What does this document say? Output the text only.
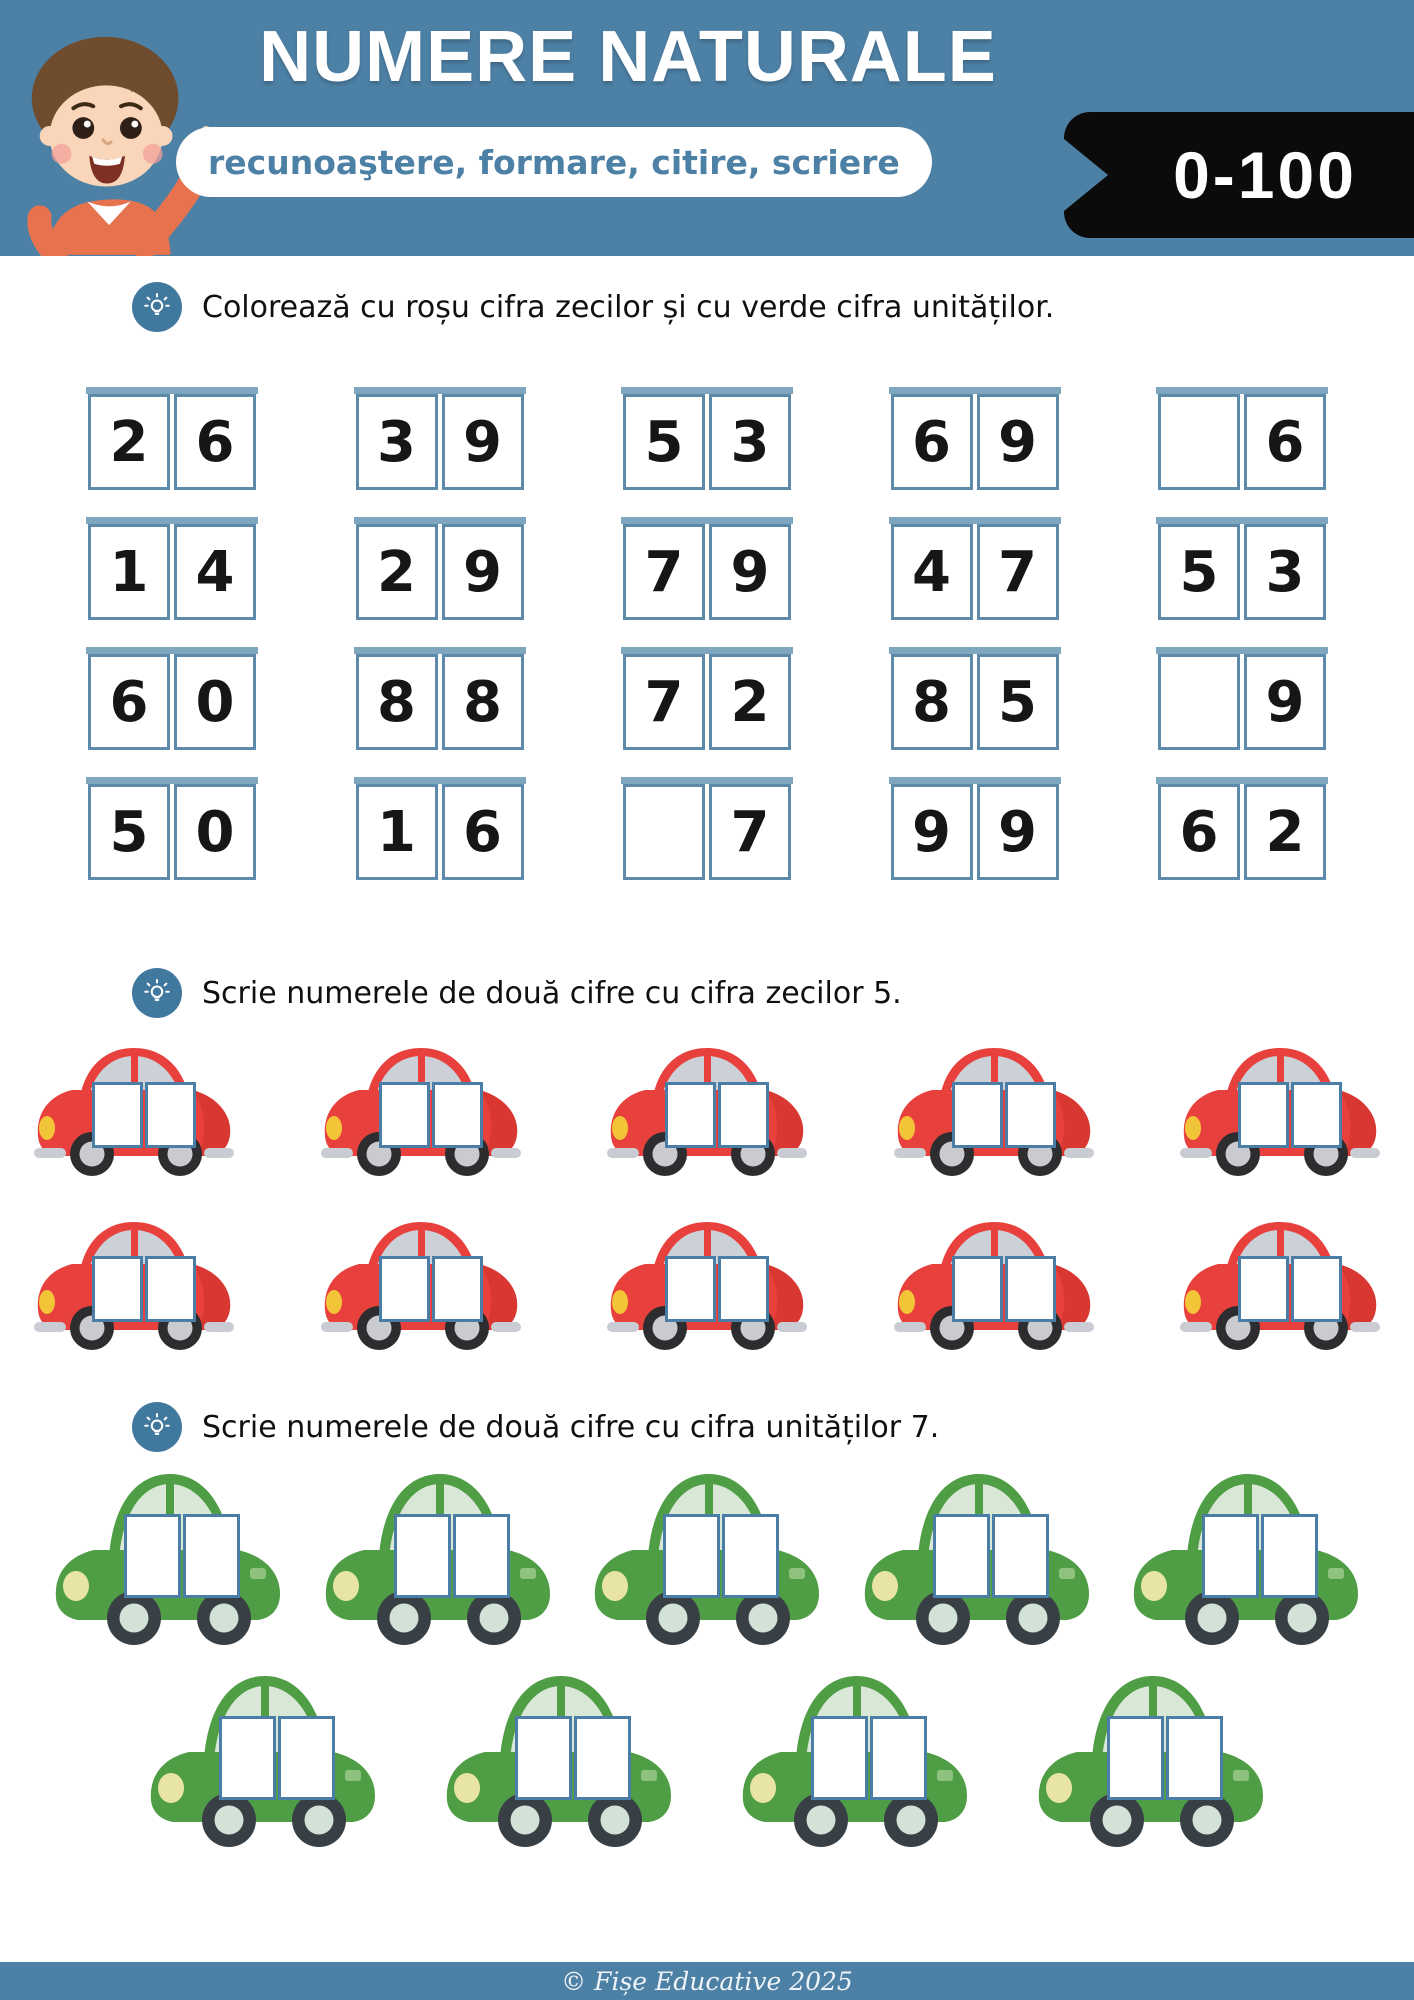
NUMERE NATURALE
recunoaştere, formare, citire, scriere	0-100
Colorează cu roșu cifra zecilor și cu verde cifra unităților.
2 6	3 9	5 3	6 9	6
1 4	2 9	7 9	4 7	5 3
6 0	8 8	7 2	8 5	9
5 0	1 6	7	9 9	6 2
Scrie numerele de două cifre cu cifra zecilor 5.
Scrie numerele de două cifre cu cifra unităților 7.
© Fișe Educative 2025
